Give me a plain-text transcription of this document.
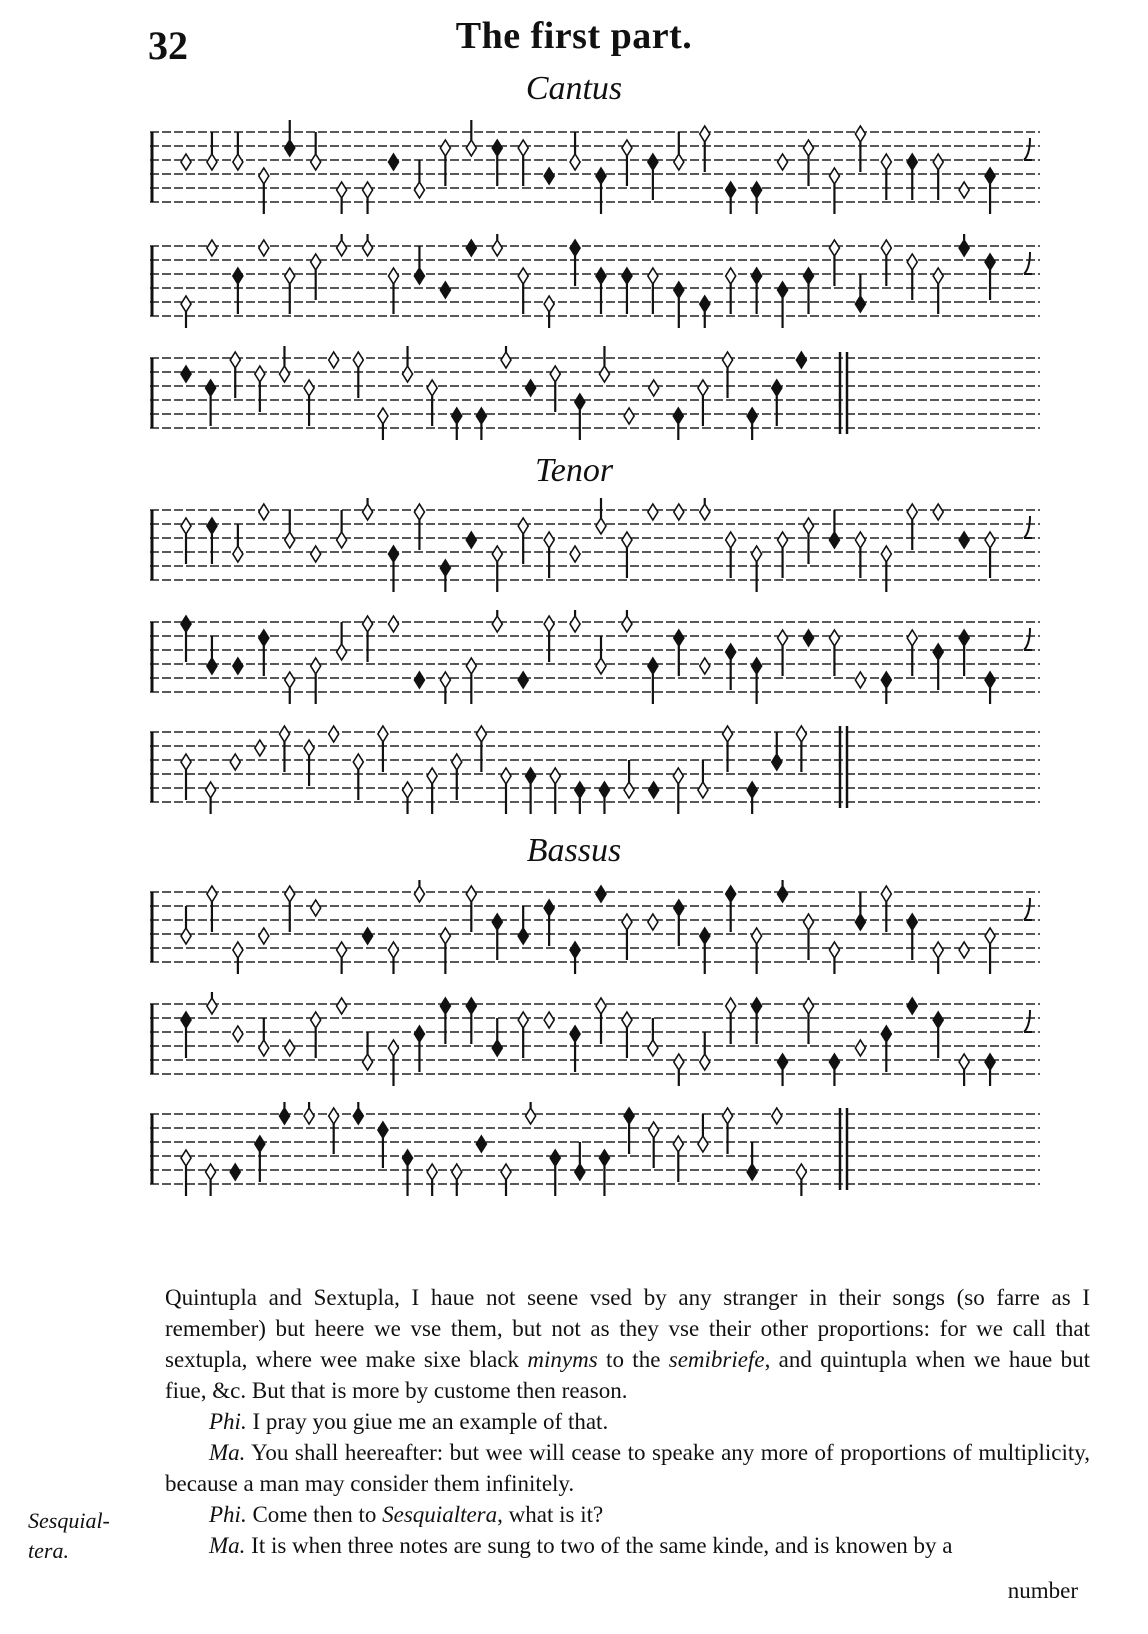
32	The first part.
Cantus
Tenor
Bassus

Quintupla and Sextupla, I haue not seene vsed by any stranger in their songs (so farre as I remember) but heere we vse them, but not as they vse their other proportions: for we call that sextupla, where wee make sixe black minyms to the semibriefe, and quintupla when we haue but fiue, &c. But that is more by custome then reason.

Phi. I pray you giue me an example of that.

Ma. You shall heereafter: but wee will cease to speake any more of proportions of multiplicity, because a man may consider them infinitely.

Phi. Come then to Sesquialtera, what is it?

Ma. It is when three notes are sung to two of the same kinde, and is knowen by a

number
Sesquial-
tera.
